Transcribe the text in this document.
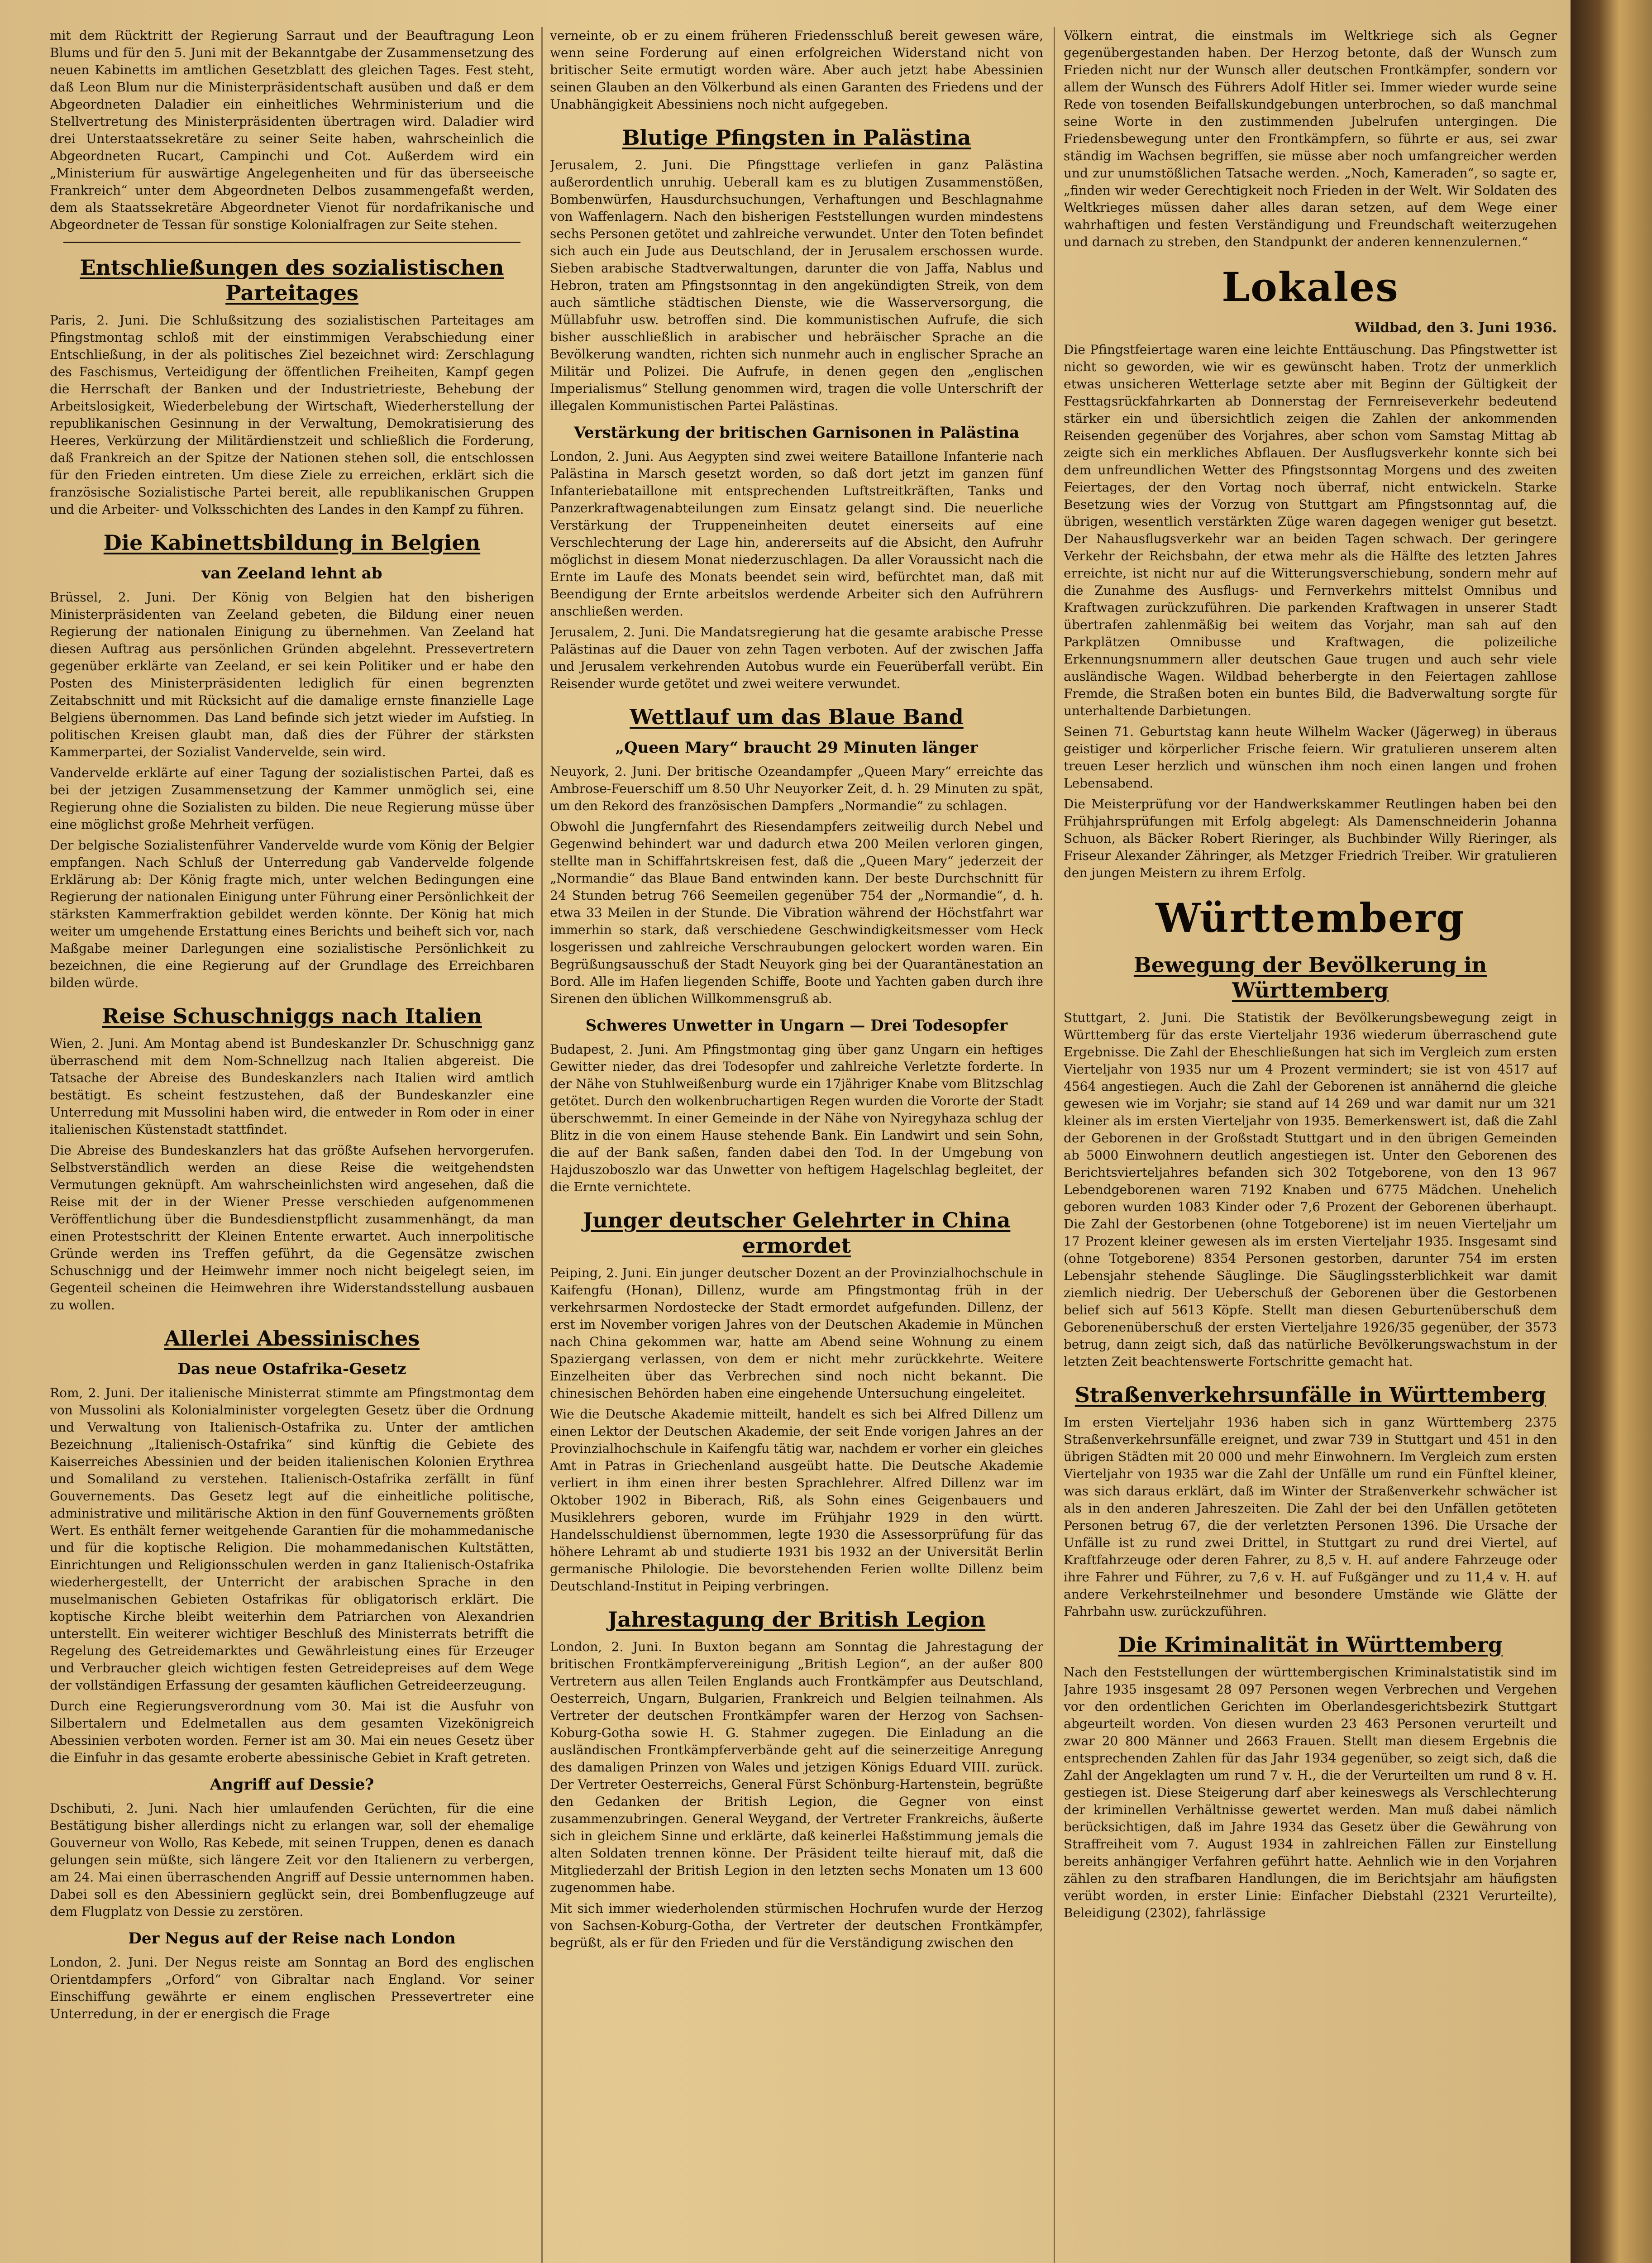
mit dem Rücktritt der Regierung Sarraut und der Beauftragung Leon Blums und für den 5. Juni mit der Bekanntgabe der Zusammensetzung des neuen Kabinetts im amtlichen Gesetzblatt des gleichen Tages. Fest steht, daß Leon Blum nur die Ministerpräsidentschaft ausüben und daß er dem Abgeordneten Daladier ein einheitliches Wehrministerium und die Stellvertretung des Ministerpräsidenten übertragen wird. Daladier wird drei Unterstaatssekretäre zu seiner Seite haben, wahrscheinlich die Abgeordneten Rucart, Campinchi und Cot. Außerdem wird ein „Ministerium für auswärtige Angelegenheiten und für das überseeische Frankreich“ unter dem Abgeordneten Delbos zusammengefaßt werden, dem als Staatssekretäre Abgeordneter Vienot für nordafrikanische und Abgeordneter de Tessan für sonstige Kolonialfragen zur Seite stehen.

Entschließungen des sozialistischen Parteitages

Paris, 2. Juni. Die Schlußsitzung des sozialistischen Parteitages am Pfingstmontag schloß mit der einstimmigen Verabschiedung einer Entschließung, in der als politisches Ziel bezeichnet wird: Zerschlagung des Faschismus, Verteidigung der öffentlichen Freiheiten, Kampf gegen die Herrschaft der Banken und der Industrietrieste, Behebung der Arbeitslosigkeit, Wiederbelebung der Wirtschaft, Wiederherstellung der republikanischen Gesinnung in der Verwaltung, Demokratisierung des Heeres, Verkürzung der Militärdienstzeit und schließlich die Forderung, daß Frankreich an der Spitze der Nationen stehen soll, die entschlossen für den Frieden eintreten. Um diese Ziele zu erreichen, erklärt sich die französische Sozialistische Partei bereit, alle republikanischen Gruppen und die Arbeiter- und Volksschichten des Landes in den Kampf zu führen.

Die Kabinettsbildung in Belgien
van Zeeland lehnt ab

Brüssel, 2. Juni. Der König von Belgien hat den bisherigen Ministerpräsidenten van Zeeland gebeten, die Bildung einer neuen Regierung der nationalen Einigung zu übernehmen. Van Zeeland hat diesen Auftrag aus persönlichen Gründen abgelehnt. Pressevertretern gegenüber erklärte van Zeeland, er sei kein Politiker und er habe den Posten des Ministerpräsidenten lediglich für einen begrenzten Zeitabschnitt und mit Rücksicht auf die damalige ernste finanzielle Lage Belgiens übernommen. Das Land befinde sich jetzt wieder im Aufstieg. In politischen Kreisen glaubt man, daß dies der Führer der stärksten Kammerpartei, der Sozialist Vandervelde, sein wird.

Vandervelde erklärte auf einer Tagung der sozialistischen Partei, daß es bei der jetzigen Zusammensetzung der Kammer unmöglich sei, eine Regierung ohne die Sozialisten zu bilden. Die neue Regierung müsse über eine möglichst große Mehrheit verfügen.

Der belgische Sozialistenführer Vandervelde wurde vom König der Belgier empfangen. Nach Schluß der Unterredung gab Vandervelde folgende Erklärung ab: Der König fragte mich, unter welchen Bedingungen eine Regierung der nationalen Einigung unter Führung einer Persönlichkeit der stärksten Kammerfraktion gebildet werden könnte. Der König hat mich weiter um umgehende Erstattung eines Berichts und beiheft sich vor, nach Maßgabe meiner Darlegungen eine sozialistische Persönlichkeit zu bezeichnen, die eine Regierung auf der Grundlage des Erreichbaren bilden würde.

Reise Schuschniggs nach Italien

Wien, 2. Juni. Am Montag abend ist Bundeskanzler Dr. Schuschnigg ganz überraschend mit dem Nom-Schnellzug nach Italien abgereist. Die Tatsache der Abreise des Bundeskanzlers nach Italien wird amtlich bestätigt. Es scheint festzustehen, daß der Bundeskanzler eine Unterredung mit Mussolini haben wird, die entweder in Rom oder in einer italienischen Küstenstadt stattfindet.

Die Abreise des Bundeskanzlers hat das größte Aufsehen hervorgerufen. Selbstverständlich werden an diese Reise die weitgehendsten Vermutungen geknüpft. Am wahrscheinlichsten wird angesehen, daß die Reise mit der in der Wiener Presse verschieden aufgenommenen Veröffentlichung über die Bundesdienstpflicht zusammenhängt, da man einen Protestschritt der Kleinen Entente erwartet. Auch innerpolitische Gründe werden ins Treffen geführt, da die Gegensätze zwischen Schuschnigg und der Heimwehr immer noch nicht beigelegt seien, im Gegenteil scheinen die Heimwehren ihre Widerstandsstellung ausbauen zu wollen.

Allerlei Abessinisches
Das neue Ostafrika-Gesetz

Rom, 2. Juni. Der italienische Ministerrat stimmte am Pfingstmontag dem von Mussolini als Kolonialminister vorgelegten Gesetz über die Ordnung und Verwaltung von Italienisch-Ostafrika zu. Unter der amtlichen Bezeichnung „Italienisch-Ostafrika“ sind künftig die Gebiete des Kaiserreiches Abessinien und der beiden italienischen Kolonien Erythrea und Somaliland zu verstehen. Italienisch-Ostafrika zerfällt in fünf Gouvernements. Das Gesetz legt auf die einheitliche politische, administrative und militärische Aktion in den fünf Gouvernements größten Wert. Es enthält ferner weitgehende Garantien für die mohammedanische und für die koptische Religion. Die mohammedanischen Kultstätten, Einrichtungen und Religionsschulen werden in ganz Italienisch-Ostafrika wiederhergestellt, der Unterricht der arabischen Sprache in den muselmanischen Gebieten Ostafrikas für obligatorisch erklärt. Die koptische Kirche bleibt weiterhin dem Patriarchen von Alexandrien unterstellt. Ein weiterer wichtiger Beschluß des Ministerrats betrifft die Regelung des Getreidemarktes und Gewährleistung eines für Erzeuger und Verbraucher gleich wichtigen festen Getreidepreises auf dem Wege der vollständigen Erfassung der gesamten käuflichen Getreideerzeugung.

Durch eine Regierungsverordnung vom 30. Mai ist die Ausfuhr von Silbertalern und Edelmetallen aus dem gesamten Vizekönigreich Abessinien verboten worden. Ferner ist am 30. Mai ein neues Gesetz über die Einfuhr in das gesamte eroberte abessinische Gebiet in Kraft getreten.

Angriff auf Dessie?

Dschibuti, 2. Juni. Nach hier umlaufenden Gerüchten, für die eine Bestätigung bisher allerdings nicht zu erlangen war, soll der ehemalige Gouverneur von Wollo, Ras Kebede, mit seinen Truppen, denen es danach gelungen sein müßte, sich längere Zeit vor den Italienern zu verbergen, am 24. Mai einen überraschenden Angriff auf Dessie unternommen haben. Dabei soll es den Abessiniern geglückt sein, drei Bombenflugzeuge auf dem Flugplatz von Dessie zu zerstören.

Der Negus auf der Reise nach London

London, 2. Juni. Der Negus reiste am Sonntag an Bord des englischen Orientdampfers „Orford“ von Gibraltar nach England. Vor seiner Einschiffung gewährte er einem englischen Pressevertreter eine Unterredung, in der er energisch die Frage

verneinte, ob er zu einem früheren Friedensschluß bereit gewesen wäre, wenn seine Forderung auf einen erfolgreichen Widerstand nicht von britischer Seite ermutigt worden wäre. Aber auch jetzt habe Abessinien seinen Glauben an den Völkerbund als einen Garanten des Friedens und der Unabhängigkeit Abessiniens noch nicht aufgegeben.

Blutige Pfingsten in Palästina

Jerusalem, 2. Juni. Die Pfingsttage verliefen in ganz Palästina außerordentlich unruhig. Ueberall kam es zu blutigen Zusammenstößen, Bombenwürfen, Hausdurchsuchungen, Verhaftungen und Beschlagnahme von Waffenlagern. Nach den bisherigen Feststellungen wurden mindestens sechs Personen getötet und zahlreiche verwundet. Unter den Toten befindet sich auch ein Jude aus Deutschland, der in Jerusalem erschossen wurde. Sieben arabische Stadtverwaltungen, darunter die von Jaffa, Nablus und Hebron, traten am Pfingstsonntag in den angekündigten Streik, von dem auch sämtliche städtischen Dienste, wie die Wasserversorgung, die Müllabfuhr usw. betroffen sind. Die kommunistischen Aufrufe, die sich bisher ausschließlich in arabischer und hebräischer Sprache an die Bevölkerung wandten, richten sich nunmehr auch in englischer Sprache an Militär und Polizei. Die Aufrufe, in denen gegen den „englischen Imperialismus“ Stellung genommen wird, tragen die volle Unterschrift der illegalen Kommunistischen Partei Palästinas.

Verstärkung der britischen Garnisonen in Palästina

London, 2. Juni. Aus Aegypten sind zwei weitere Bataillone Infanterie nach Palästina in Marsch gesetzt worden, so daß dort jetzt im ganzen fünf Infanteriebataillone mit entsprechenden Luftstreitkräften, Tanks und Panzerkraftwagenabteilungen zum Einsatz gelangt sind. Die neuerliche Verstärkung der Truppeneinheiten deutet einerseits auf eine Verschlechterung der Lage hin, andererseits auf die Absicht, den Aufruhr möglichst in diesem Monat niederzuschlagen. Da aller Voraussicht nach die Ernte im Laufe des Monats beendet sein wird, befürchtet man, daß mit Beendigung der Ernte arbeitslos werdende Arbeiter sich den Aufrührern anschließen werden.

Jerusalem, 2. Juni. Die Mandatsregierung hat die gesamte arabische Presse Palästinas auf die Dauer von zehn Tagen verboten. Auf der zwischen Jaffa und Jerusalem verkehrenden Autobus wurde ein Feuerüberfall verübt. Ein Reisender wurde getötet und zwei weitere verwundet.

Wettlauf um das Blaue Band
„Queen Mary“ braucht 29 Minuten länger

Neuyork, 2. Juni. Der britische Ozeandampfer „Queen Mary“ erreichte das Ambrose-Feuerschiff um 8.50 Uhr Neuyorker Zeit, d. h. 29 Minuten zu spät, um den Rekord des französischen Dampfers „Normandie“ zu schlagen.

Obwohl die Jungfernfahrt des Riesendampfers zeitweilig durch Nebel und Gegenwind behindert war und dadurch etwa 200 Meilen verloren gingen, stellte man in Schiffahrtskreisen fest, daß die „Queen Mary“ jederzeit der „Normandie“ das Blaue Band entwinden kann. Der beste Durchschnitt für 24 Stunden betrug 766 Seemeilen gegenüber 754 der „Normandie“, d. h. etwa 33 Meilen in der Stunde. Die Vibration während der Höchstfahrt war immerhin so stark, daß verschiedene Geschwindigkeitsmesser vom Heck losgerissen und zahlreiche Verschraubungen gelockert worden waren. Ein Begrüßungsausschuß der Stadt Neuyork ging bei der Quarantänestation an Bord. Alle im Hafen liegenden Schiffe, Boote und Yachten gaben durch ihre Sirenen den üblichen Willkommensgruß ab.

Schweres Unwetter in Ungarn — Drei Todesopfer

Budapest, 2. Juni. Am Pfingstmontag ging über ganz Ungarn ein heftiges Gewitter nieder, das drei Todesopfer und zahlreiche Verletzte forderte. In der Nähe von Stuhlweißenburg wurde ein 17jähriger Knabe vom Blitzschlag getötet. Durch den wolkenbruchartigen Regen wurden die Vororte der Stadt überschwemmt. In einer Gemeinde in der Nähe von Nyiregyhaza schlug der Blitz in die von einem Hause stehende Bank. Ein Landwirt und sein Sohn, die auf der Bank saßen, fanden dabei den Tod. In der Umgebung von Hajduszoboszlo war das Unwetter von heftigem Hagelschlag begleitet, der die Ernte vernichtete.

Junger deutscher Gelehrter in China ermordet

Peiping, 2. Juni. Ein junger deutscher Dozent an der Provinzialhochschule in Kaifengfu (Honan), Dillenz, wurde am Pfingstmontag früh in der verkehrsarmen Nordostecke der Stadt ermordet aufgefunden. Dillenz, der erst im November vorigen Jahres von der Deutschen Akademie in München nach China gekommen war, hatte am Abend seine Wohnung zu einem Spaziergang verlassen, von dem er nicht mehr zurückkehrte. Weitere Einzelheiten über das Verbrechen sind noch nicht bekannt. Die chinesischen Behörden haben eine eingehende Untersuchung eingeleitet.

Wie die Deutsche Akademie mitteilt, handelt es sich bei Alfred Dillenz um einen Lektor der Deutschen Akademie, der seit Ende vorigen Jahres an der Provinzialhochschule in Kaifengfu tätig war, nachdem er vorher ein gleiches Amt in Patras in Griechenland ausgeübt hatte. Die Deutsche Akademie verliert in ihm einen ihrer besten Sprachlehrer. Alfred Dillenz war im Oktober 1902 in Biberach, Riß, als Sohn eines Geigenbauers und Musiklehrers geboren, wurde im Frühjahr 1929 in den württ. Handelsschuldienst übernommen, legte 1930 die Assessorprüfung für das höhere Lehramt ab und studierte 1931 bis 1932 an der Universität Berlin germanische Philologie. Die bevorstehenden Ferien wollte Dillenz beim Deutschland-Institut in Peiping verbringen.

Jahrestagung der British Legion

London, 2. Juni. In Buxton begann am Sonntag die Jahrestagung der britischen Frontkämpfervereinigung „British Legion“, an der außer 800 Vertretern aus allen Teilen Englands auch Frontkämpfer aus Deutschland, Oesterreich, Ungarn, Bulgarien, Frankreich und Belgien teilnahmen. Als Vertreter der deutschen Frontkämpfer waren der Herzog von Sachsen-Koburg-Gotha sowie H. G. Stahmer zugegen. Die Einladung an die ausländischen Frontkämpferverbände geht auf die seinerzeitige Anregung des damaligen Prinzen von Wales und jetzigen Königs Eduard VIII. zurück. Der Vertreter Oesterreichs, General Fürst Schönburg-Hartenstein, begrüßte den Gedanken der British Legion, die Gegner von einst zusammenzubringen. General Weygand, der Vertreter Frankreichs, äußerte sich in gleichem Sinne und erklärte, daß keinerlei Haßstimmung jemals die alten Soldaten trennen könne. Der Präsident teilte hierauf mit, daß die Mitgliederzahl der British Legion in den letzten sechs Monaten um 13 600 zugenommen habe.

Mit sich immer wiederholenden stürmischen Hochrufen wurde der Herzog von Sachsen-Koburg-Gotha, der Vertreter der deutschen Frontkämpfer, begrüßt, als er für den Frieden und für die Verständigung zwischen den

Völkern eintrat, die einstmals im Weltkriege sich als Gegner gegenübergestanden haben. Der Herzog betonte, daß der Wunsch zum Frieden nicht nur der Wunsch aller deutschen Frontkämpfer, sondern vor allem der Wunsch des Führers Adolf Hitler sei. Immer wieder wurde seine Rede von tosenden Beifallskundgebungen unterbrochen, so daß manchmal seine Worte in den zustimmenden Jubelrufen untergingen. Die Friedensbewegung unter den Frontkämpfern, so führte er aus, sei zwar ständig im Wachsen begriffen, sie müsse aber noch umfangreicher werden und zur unumstößlichen Tatsache werden. „Noch, Kameraden“, so sagte er, „finden wir weder Gerechtigkeit noch Frieden in der Welt. Wir Soldaten des Weltkrieges müssen daher alles daran setzen, auf dem Wege einer wahrhaftigen und festen Verständigung und Freundschaft weiterzugehen und darnach zu streben, den Standpunkt der anderen kennenzulernen.“

Lokales

Wildbad, den 3. Juni 1936.

Die Pfingstfeiertage waren eine leichte Enttäuschung. Das Pfingstwetter ist nicht so geworden, wie wir es gewünscht haben. Trotz der unmerklich etwas unsicheren Wetterlage setzte aber mit Beginn der Gültigkeit der Festtagsrückfahrkarten ab Donnerstag der Fernreiseverkehr bedeutend stärker ein und übersichtlich zeigen die Zahlen der ankommenden Reisenden gegenüber des Vorjahres, aber schon vom Samstag Mittag ab zeigte sich ein merkliches Abflauen. Der Ausflugsverkehr konnte sich bei dem unfreundlichen Wetter des Pfingstsonntag Morgens und des zweiten Feiertages, der den Vortag noch überraf, nicht entwickeln. Starke Besetzung wies der Vorzug von Stuttgart am Pfingstsonntag auf, die übrigen, wesentlich verstärkten Züge waren dagegen weniger gut besetzt. Der Nahausflugsverkehr war an beiden Tagen schwach. Der geringere Verkehr der Reichsbahn, der etwa mehr als die Hälfte des letzten Jahres erreichte, ist nicht nur auf die Witterungsverschiebung, sondern mehr auf die Zunahme des Ausflugs- und Fernverkehrs mittelst Omnibus und Kraftwagen zurückzuführen. Die parkenden Kraftwagen in unserer Stadt übertrafen zahlenmäßig bei weitem das Vorjahr, man sah auf den Parkplätzen Omnibusse und Kraftwagen, die polizeiliche Erkennungsnummern aller deutschen Gaue trugen und auch sehr viele ausländische Wagen. Wildbad beherbergte in den Feiertagen zahllose Fremde, die Straßen boten ein buntes Bild, die Badverwaltung sorgte für unterhaltende Darbietungen.

Seinen 71. Geburtstag kann heute Wilhelm Wacker (Jägerweg) in überaus geistiger und körperlicher Frische feiern. Wir gratulieren unserem alten treuen Leser herzlich und wünschen ihm noch einen langen und frohen Lebensabend.

Die Meisterprüfung vor der Handwerkskammer Reutlingen haben bei den Frühjahrsprüfungen mit Erfolg abgelegt: Als Damenschneiderin Johanna Schuon, als Bäcker Robert Rieringer, als Buchbinder Willy Rieringer, als Friseur Alexander Zähringer, als Metzger Friedrich Treiber. Wir gratulieren den jungen Meistern zu ihrem Erfolg.

Württemberg
Bewegung der Bevölkerung in Württemberg

Stuttgart, 2. Juni. Die Statistik der Bevölkerungsbewegung zeigt in Württemberg für das erste Vierteljahr 1936 wiederum überraschend gute Ergebnisse. Die Zahl der Eheschließungen hat sich im Vergleich zum ersten Vierteljahr von 1935 nur um 4 Prozent vermindert; sie ist von 4517 auf 4564 angestiegen. Auch die Zahl der Geborenen ist annähernd die gleiche gewesen wie im Vorjahr; sie stand auf 14 269 und war damit nur um 321 kleiner als im ersten Vierteljahr von 1935. Bemerkenswert ist, daß die Zahl der Geborenen in der Großstadt Stuttgart und in den übrigen Gemeinden ab 5000 Einwohnern deutlich angestiegen ist. Unter den Geborenen des Berichtsvierteljahres befanden sich 302 Totgeborene, von den 13 967 Lebendgeborenen waren 7192 Knaben und 6775 Mädchen. Unehelich geboren wurden 1083 Kinder oder 7,6 Prozent der Geborenen überhaupt. Die Zahl der Gestorbenen (ohne Totgeborene) ist im neuen Vierteljahr um 17 Prozent kleiner gewesen als im ersten Vierteljahr 1935. Insgesamt sind (ohne Totgeborene) 8354 Personen gestorben, darunter 754 im ersten Lebensjahr stehende Säuglinge. Die Säuglingssterblichkeit war damit ziemlich niedrig. Der Ueberschuß der Geborenen über die Gestorbenen belief sich auf 5613 Köpfe. Stellt man diesen Geburtenüberschuß dem Geborenenüberschuß der ersten Vierteljahre 1926/35 gegenüber, der 3573 betrug, dann zeigt sich, daß das natürliche Bevölkerungswachstum in der letzten Zeit beachtenswerte Fortschritte gemacht hat.

Straßenverkehrsunfälle in Württemberg

Im ersten Vierteljahr 1936 haben sich in ganz Württemberg 2375 Straßenverkehrsunfälle ereignet, und zwar 739 in Stuttgart und 451 in den übrigen Städten mit 20 000 und mehr Einwohnern. Im Vergleich zum ersten Vierteljahr von 1935 war die Zahl der Unfälle um rund ein Fünftel kleiner, was sich daraus erklärt, daß im Winter der Straßenverkehr schwächer ist als in den anderen Jahreszeiten. Die Zahl der bei den Unfällen getöteten Personen betrug 67, die der verletzten Personen 1396. Die Ursache der Unfälle ist zu rund zwei Drittel, in Stuttgart zu rund drei Viertel, auf Kraftfahrzeuge oder deren Fahrer, zu 8,5 v. H. auf andere Fahrzeuge oder ihre Fahrer und Führer, zu 7,6 v. H. auf Fußgänger und zu 11,4 v. H. auf andere Verkehrsteilnehmer und besondere Umstände wie Glätte der Fahrbahn usw. zurückzuführen.

Die Kriminalität in Württemberg

Nach den Feststellungen der württembergischen Kriminalstatistik sind im Jahre 1935 insgesamt 28 097 Personen wegen Verbrechen und Vergehen vor den ordentlichen Gerichten im Oberlandesgerichtsbezirk Stuttgart abgeurteilt worden. Von diesen wurden 23 463 Personen verurteilt und zwar 20 800 Männer und 2663 Frauen. Stellt man diesem Ergebnis die entsprechenden Zahlen für das Jahr 1934 gegenüber, so zeigt sich, daß die Zahl der Angeklagten um rund 7 v. H., die der Verurteilten um rund 8 v. H. gestiegen ist. Diese Steigerung darf aber keineswegs als Verschlechterung der kriminellen Verhältnisse gewertet werden. Man muß dabei nämlich berücksichtigen, daß im Jahre 1934 das Gesetz über die Gewährung von Straffreiheit vom 7. August 1934 in zahlreichen Fällen zur Einstellung bereits anhängiger Verfahren geführt hatte. Aehnlich wie in den Vorjahren zählen zu den strafbaren Handlungen, die im Berichtsjahr am häufigsten verübt worden, in erster Linie: Einfacher Diebstahl (2321 Verurteilte), Beleidigung (2302), fahrlässige
